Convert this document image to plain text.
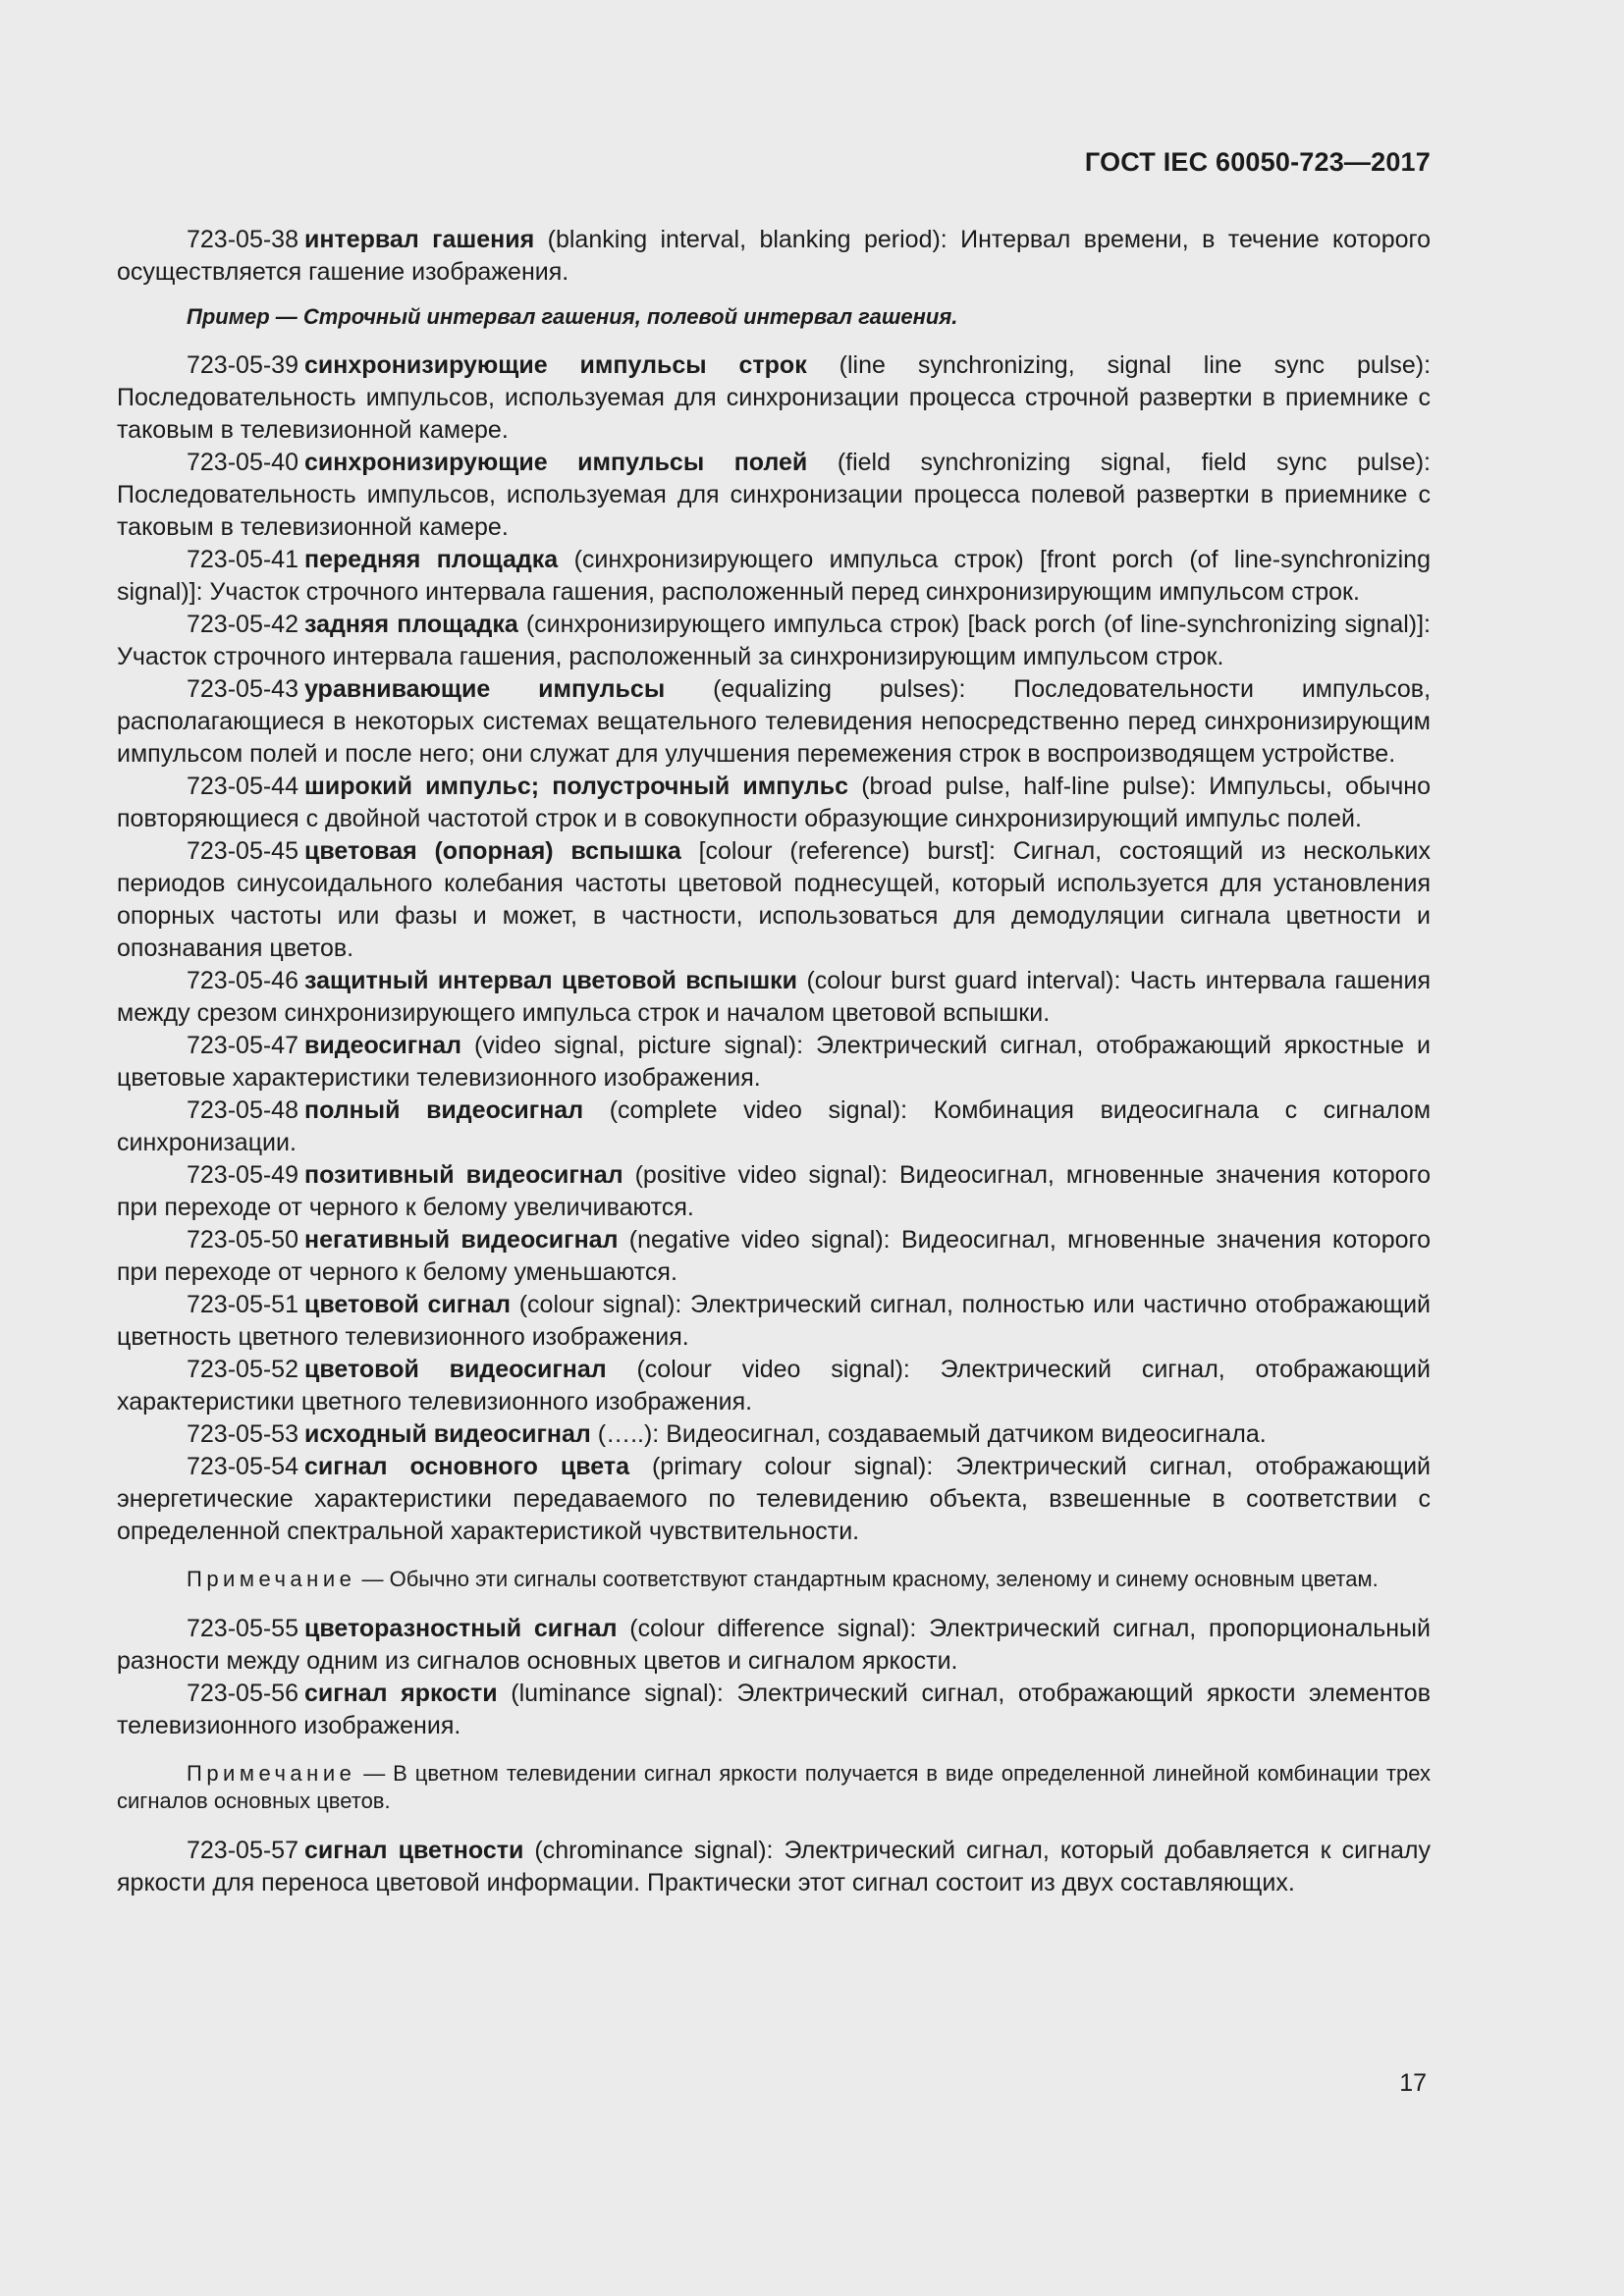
ГОСТ IEC 60050-723—2017

723-05-38 интервал гашения (blanking interval, blanking period): Интервал времени, в течение которого осуществляется гашение изображения.

Пример — Строчный интервал гашения, полевой интервал гашения.

723-05-39 синхронизирующие импульсы строк (line synchronizing, signal line sync pulse): Последовательность импульсов, используемая для синхронизации процесса строчной развертки в приемнике с таковым в телевизионной камере.

723-05-40 синхронизирующие импульсы полей (field synchronizing signal, field sync pulse): Последовательность импульсов, используемая для синхронизации процесса полевой развертки в приемнике с таковым в телевизионной камере.

723-05-41 передняя площадка (синхронизирующего импульса строк) [front porch (of line-synchronizing signal)]: Участок строчного интервала гашения, расположенный перед синхронизирующим импульсом строк.

723-05-42 задняя площадка (синхронизирующего импульса строк) [back porch (of line-synchronizing signal)]: Участок строчного интервала гашения, расположенный за синхронизирующим импульсом строк.

723-05-43 уравнивающие импульсы (equalizing pulses): Последовательности импульсов, располагающиеся в некоторых системах вещательного телевидения непосредственно перед синхронизирующим импульсом полей и после него; они служат для улучшения перемежения строк в воспроизводящем устройстве.

723-05-44 широкий импульс; полустрочный импульс (broad pulse, half-line pulse): Импульсы, обычно повторяющиеся с двойной частотой строк и в совокупности образующие синхронизирующий импульс полей.

723-05-45 цветовая (опорная) вспышка [colour (reference) burst]: Сигнал, состоящий из нескольких периодов синусоидального колебания частоты цветовой поднесущей, который используется для установления опорных частоты или фазы и может, в частности, использоваться для демодуляции сигнала цветности и опознавания цветов.

723-05-46 защитный интервал цветовой вспышки (colour burst guard interval): Часть интервала гашения между срезом синхронизирующего импульса строк и началом цветовой вспышки.

723-05-47 видеосигнал (video signal, picture signal): Электрический сигнал, отображающий яркостные и цветовые характеристики телевизионного изображения.

723-05-48 полный видеосигнал (complete video signal): Комбинация видеосигнала с сигналом синхронизации.

723-05-49 позитивный видеосигнал (positive video signal): Видеосигнал, мгновенные значения которого при переходе от черного к белому увеличиваются.

723-05-50 негативный видеосигнал (negative video signal): Видеосигнал, мгновенные значения которого при переходе от черного к белому уменьшаются.

723-05-51 цветовой сигнал (colour signal): Электрический сигнал, полностью или частично отображающий цветность цветного телевизионного изображения.

723-05-52 цветовой видеосигнал (colour video signal): Электрический сигнал, отображающий характеристики цветного телевизионного изображения.

723-05-53 исходный видеосигнал (…..): Видеосигнал, создаваемый датчиком видеосигнала.

723-05-54 сигнал основного цвета (primary colour signal): Электрический сигнал, отображающий энергетические характеристики передаваемого по телевидению объекта, взвешенные в соответствии с определенной спектральной характеристикой чувствительности.

Примечание — Обычно эти сигналы соответствуют стандартным красному, зеленому и синему основным цветам.

723-05-55 цветоразностный сигнал (colour difference signal): Электрический сигнал, пропорциональный разности между одним из сигналов основных цветов и сигналом яркости.

723-05-56 сигнал яркости (luminance signal): Электрический сигнал, отображающий яркости элементов телевизионного изображения.

Примечание — В цветном телевидении сигнал яркости получается в виде определенной линейной комбинации трех сигналов основных цветов.

723-05-57 сигнал цветности (chrominance signal): Электрический сигнал, который добавляется к сигналу яркости для переноса цветовой информации. Практически этот сигнал состоит из двух составляющих.

17
